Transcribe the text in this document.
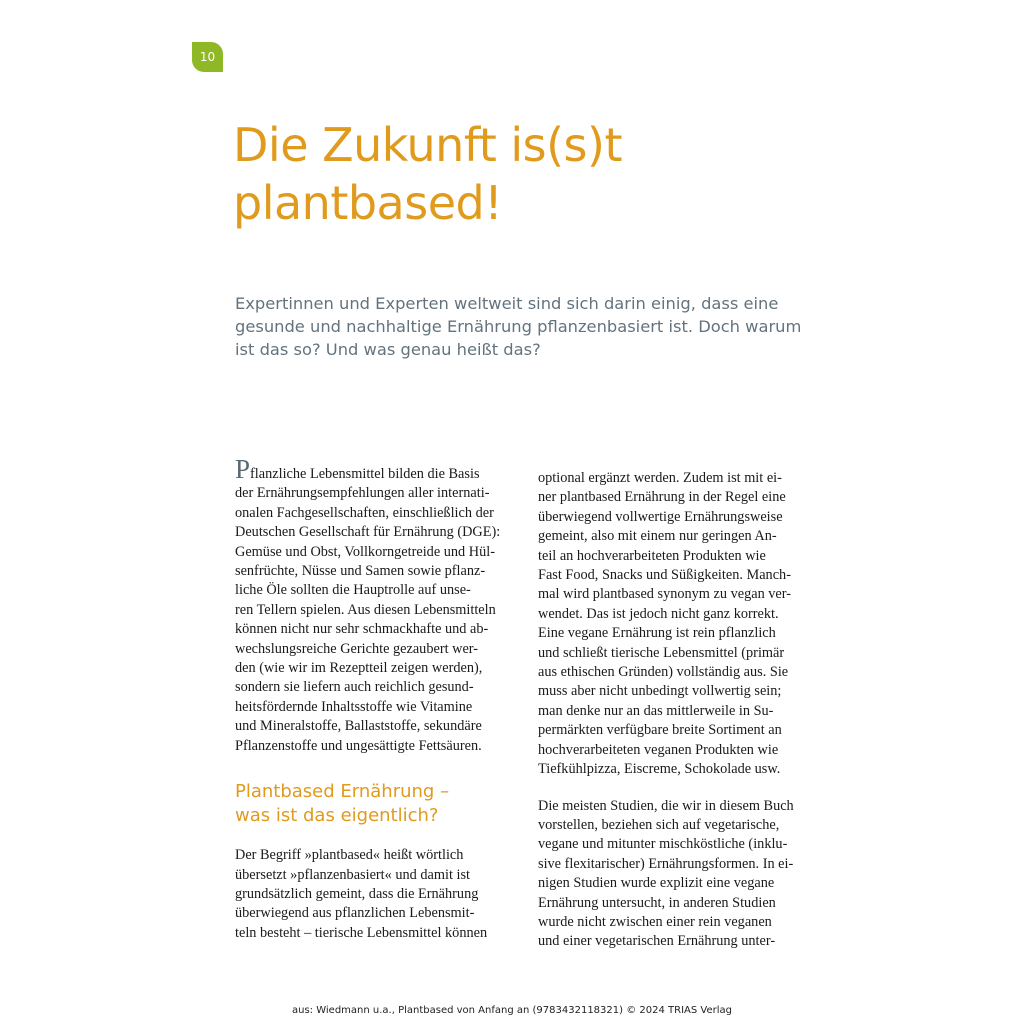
10
Die Zukunft is(s)t
plantbased!

Expertinnen und Experten weltweit sind sich darin einig, dass eine
gesunde und nachhaltige Ernährung pflanzenbasiert ist. Doch warum
ist das so? Und was genau heißt das?

Pflanzliche Lebensmittel bilden die Basis
der Ernährungsempfehlungen aller internati-
onalen Fachgesellschaften, einschließlich der
Deutschen Gesellschaft für Ernährung (DGE):
Gemüse und Obst, Vollkorngetreide und Hül-
senfrüchte, Nüsse und Samen sowie pflanz-
liche Öle sollten die Hauptrolle auf unse-
ren Tellern spielen. Aus diesen Lebensmitteln
können nicht nur sehr schmackhafte und ab-
wechslungsreiche Gerichte gezaubert wer-
den (wie wir im Rezeptteil zeigen werden),
sondern sie liefern auch reichlich gesund-
heitsfördernde Inhaltsstoffe wie Vitamine
und Mineralstoffe, Ballaststoffe, sekundäre
Pflanzenstoffe und ungesättigte Fettsäuren.
Plantbased Ernährung –
was ist das eigentlich?
Der Begriff »plantbased« heißt wörtlich
übersetzt »pflanzenbasiert« und damit ist
grundsätzlich gemeint, dass die Ernährung
überwiegend aus pflanzlichen Lebensmit-
teln besteht – tierische Lebensmittel können
optional ergänzt werden. Zudem ist mit ei-
ner plantbased Ernährung in der Regel eine
überwiegend vollwertige Ernährungsweise
gemeint, also mit einem nur geringen An-
teil an hochverarbeiteten Produkten wie
Fast Food, Snacks und Süßigkeiten. Manch-
mal wird plantbased synonym zu vegan ver-
wendet. Das ist jedoch nicht ganz korrekt.
Eine vegane Ernährung ist rein pflanzlich
und schließt tierische Lebensmittel (primär
aus ethischen Gründen) vollständig aus. Sie
muss aber nicht unbedingt vollwertig sein;
man denke nur an das mittlerweile in Su-
permärkten verfügbare breite Sortiment an
hochverarbeiteten veganen Produkten wie
Tiefkühlpizza, Eiscreme, Schokolade usw.
Die meisten Studien, die wir in diesem Buch
vorstellen, beziehen sich auf vegetarische,
vegane und mitunter mischköstliche (inklu-
sive flexitarischer) Ernährungsformen. In ei-
nigen Studien wurde explizit eine vegane
Ernährung untersucht, in anderen Studien
wurde nicht zwischen einer rein veganen
und einer vegetarischen Ernährung unter-
aus: Wiedmann u.a., Plantbased von Anfang an (9783432118321) © 2024 TRIAS Verlag
